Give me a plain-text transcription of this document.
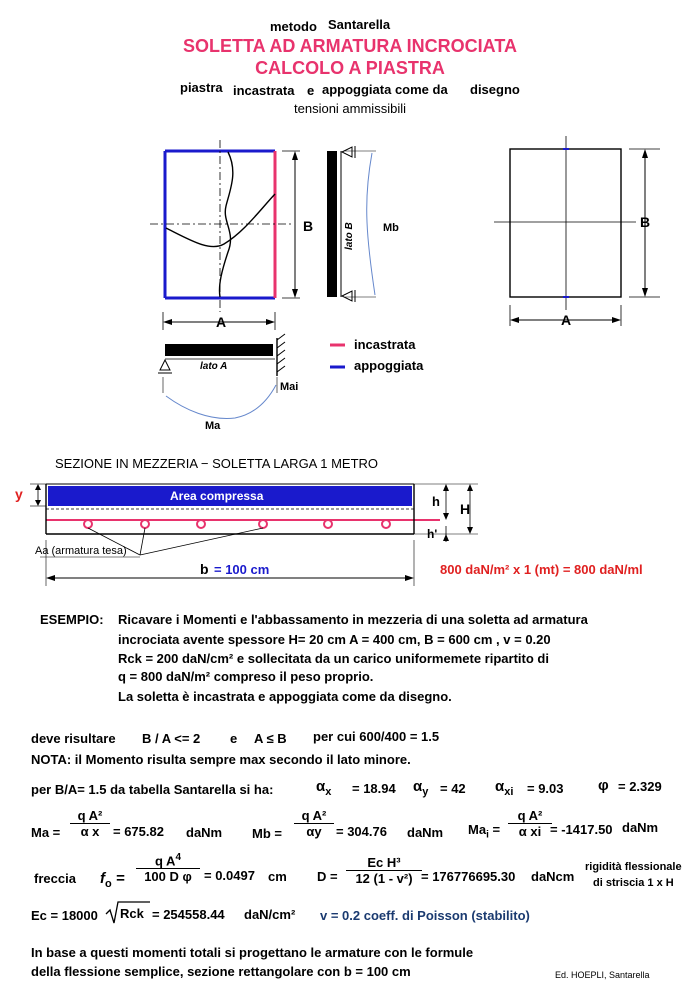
metodo Santarella
SOLETTA AD ARMATURA INCROCIATA
CALCOLO A PIASTRA
piastra incastrata e appoggiata come da disegno
tensioni ammissibili
B	lato B	Mb
A
lato A
Mai
Ma
B
A
incastrata
appoggiata
SEZIONE IN MEZZERIA − SOLETTA LARGA 1 METRO
y	Area compressa	h H
h'
Aa (armatura tesa)
b = 100 cm	800 daN/m² x 1 (mt) = 800 daN/ml
ESEMPIO: Ricavare i Momenti e l'abbassamento in mezzeria di una soletta ad armatura
incrociata avente spessore H= 20 cm A = 400 cm, B = 600 cm , v = 0.20
Rck = 200 daN/cm² e sollecitata da un carico uniformemete ripartito di
q = 800 daN/m² compreso il peso proprio.
La soletta è incastrata e appoggiata come da disegno.
deve risultare B / A <= 2 e A ≤ B per cui 600/400 = 1.5
NOTA: il Momento risulta sempre max secondo il lato minore.
per B/A= 1.5 da tabella Santarella si ha:	$\alpha_x = 18.94$ $\alpha_y = 42$ $\alpha_{xi} = 9.03$ φ = 2.329
$Ma = \frac{\text{q A²}}{\text{α x}} = 675.82$ daNm $Mb = \frac{\text{q A²}}{\alpha y} = 304.76$ daNm $Ma_i = \frac{\text{q A²}}{\text{α xi}}$
= -1417.50 daNm
freccia $f_o = \frac{q A^4}{\text{100 D φ}} = 0.0497$ cm $D = \frac{\text{Ec H³}}{\text{12 (1 - v²)}} = 176776695.30$ daNcm
rigidità flessionale
di striscia 1 x H
Ec = 18000 Rck = 254558.44 daN/cm² v = 0.2 coeff. di Poisson (stabilito)
In base a questi momenti totali si progettano le armature con le formule
della flessione semplice, sezione rettangolare con b = 100 cm	Ed. HOEPLI, Santarella
